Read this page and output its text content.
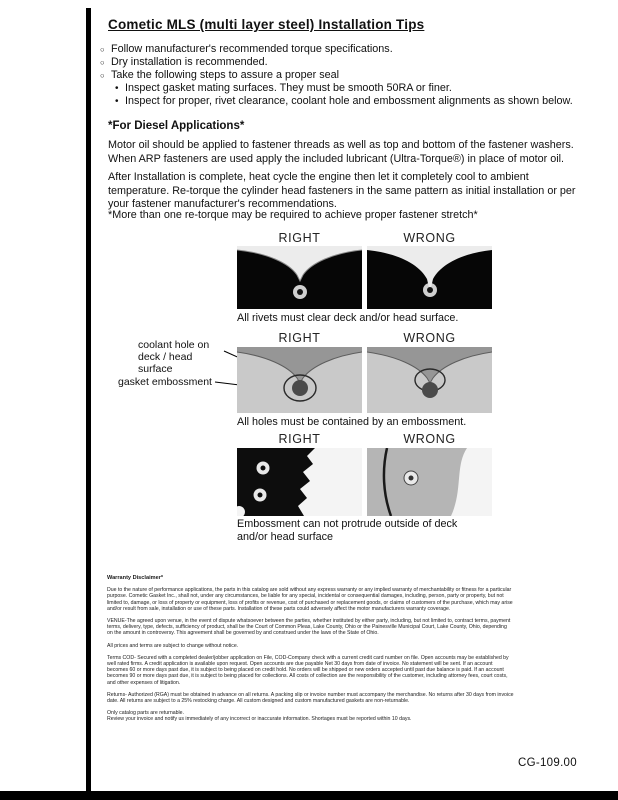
Cometic MLS (multi layer steel) Installation Tips
○ Follow manufacturer's recommended torque specifications.
○ Dry installation is recommended.
○ Take the following steps to assure a proper seal
• Inspect gasket mating surfaces. They must be smooth 50RA or finer.
• Inspect for proper, rivet clearance, coolant hole and embossment alignments as shown below.
*For Diesel Applications*

Motor oil should be applied to fastener threads as well as top and bottom of the fastener washers. When ARP fasteners are used apply the included lubricant (Ultra-Torque®) in place of motor oil.

After Installation is complete, heat cycle the engine then let it completely cool to ambient temperature. Re-torque the cylinder head fasteners in the same pattern as initial installation or per your fastener manufacturer's recommendations.

*More than one re-torque may be required to achieve proper fastener stretch*

RIGHT	WRONG
All rivets must clear deck and/or head surface.
RIGHT	WRONG
coolant hole on deck / head surface
gasket embossment
All holes must be contained by an embossment.
RIGHT	WRONG
Embossment can not protrude outside of deck and/or head surface
Warranty Disclaimer*

Due to the nature of performance applications, the parts in this catalog are sold without any express warranty or any implied warranty of merchantability or fitness for a particular purpose. Cometic Gasket Inc., shall not, under any circumstances, be liable for any special, incidental or consequential damages, including, person, party or property, but not limited to, damage, or loss of property or equipment, loss of profits or revenue, cost of purchased or replacement goods, or claims of customers of the purchase, which may arise and/or result from sale, installation or use of these parts. Installation of these parts could adversely affect the motor manufacturers warranty coverage.

VENUE-The agreed upon venue, in the event of dispute whatsoever between the parties, whether instituted by either party, including, but not limited to, contract terms, payment terms, delivery, type, defects, sufficiency of product, shall be the Court of Common Pleas, Lake County, Ohio or the Painesville Municipal Court, Lake County, Ohio, depending on the amount in controversy. This agreement shall be governed by and construed under the laws of the State of Ohio.

All prices and terms are subject to change without notice.

Terms COD- Secured with a completed dealer/jobber application on File, COD-Company check with a current credit card number on file. Open accounts may be established by well rated firms. A credit application is available upon request. Open accounts are due payable Net 30 days from date of invoice. No statement will be sent. If an account becomes 60 or more days past due, it is subject to being placed on credit hold. No orders will be shipped or new orders accepted until past due balance is paid. If an account becomes 90 or more days past due, it is subject to being placed for collections. All costs of collection are the responsibility of the customer, including attorney fees, court costs, and other expenses of litigation.

Returns- Authorized (RGA) must be obtained in advance on all returns. A packing slip or invoice number must accompany the merchandise. No returns after 30 days from invoice date. All returns are subject to a 25% restocking charge. All custom designed and custom manufactured gaskets are non-returnable.

Only catalog parts are returnable.

Review your invoice and notify us immediately of any incorrect or inaccurate information. Shortages must be reported within 10 days.

CG-109.00
